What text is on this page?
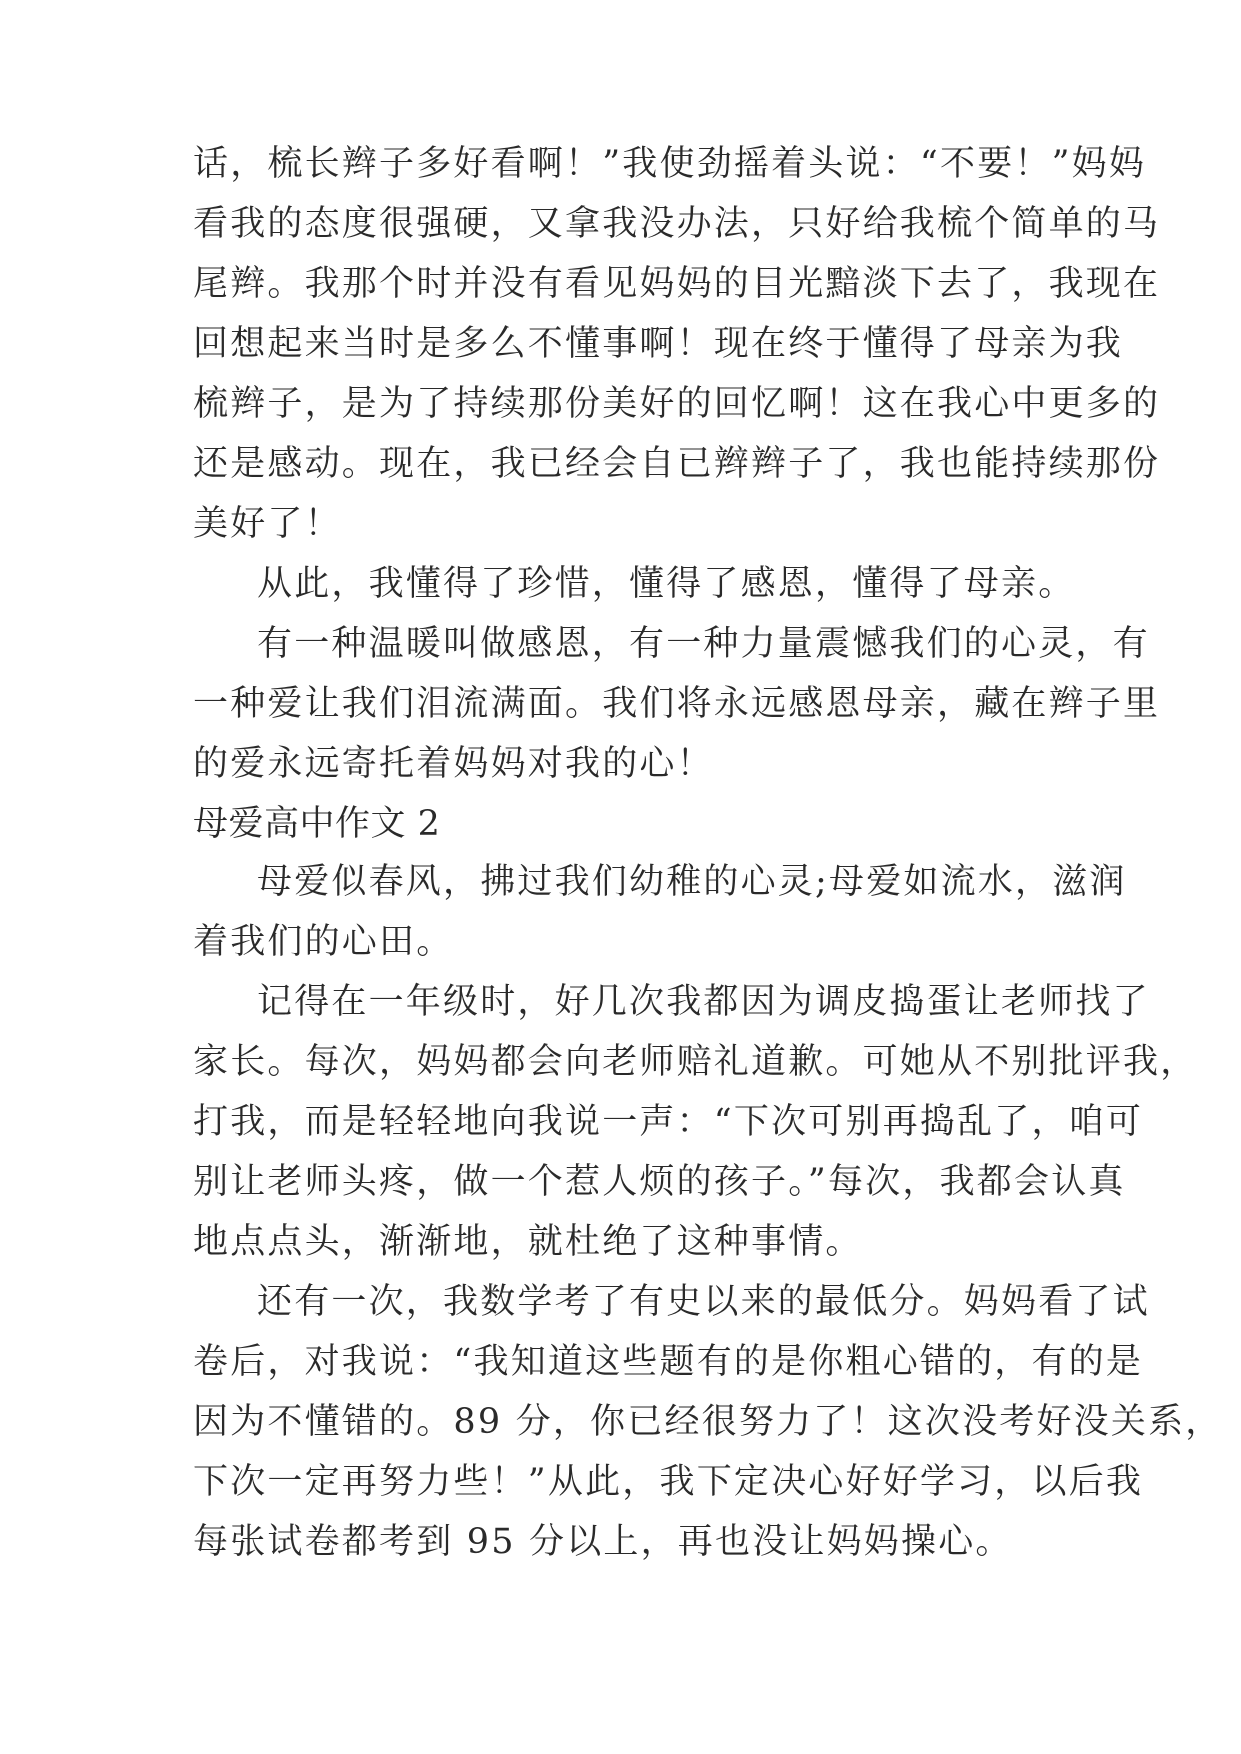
话，梳长辫子多好看啊！”我使劲摇着头说：“不要！”妈妈
看我的态度很强硬，又拿我没办法，只好给我梳个简单的马
尾辫。我那个时并没有看见妈妈的目光黯淡下去了，我现在
回想起来当时是多么不懂事啊！现在终于懂得了母亲为我
梳辫子，是为了持续那份美好的回忆啊！这在我心中更多的
还是感动。现在，我已经会自已辫辫子了，我也能持续那份
美好了！
从此，我懂得了珍惜，懂得了感恩，懂得了母亲。
有一种温暖叫做感恩，有一种力量震憾我们的心灵，有
一种爱让我们泪流满面。我们将永远感恩母亲，藏在辫子里
的爱永远寄托着妈妈对我的心！
母爱高中作文 2
母爱似春风，拂过我们幼稚的心灵;母爱如流水，滋润
着我们的心田。
记得在一年级时，好几次我都因为调皮捣蛋让老师找了
家长。每次，妈妈都会向老师赔礼道歉。可她从不别批评我，
打我，而是轻轻地向我说一声：“下次可别再捣乱了，咱可
别让老师头疼，做一个惹人烦的孩子。”每次，我都会认真
地点点头，渐渐地，就杜绝了这种事情。
还有一次，我数学考了有史以来的最低分。妈妈看了试
卷后，对我说：“我知道这些题有的是你粗心错的，有的是
因为不懂错的。89 分，你已经很努力了！这次没考好没关系，
下次一定再努力些！”从此，我下定决心好好学习，以后我
每张试卷都考到 95 分以上，再也没让妈妈操心。
